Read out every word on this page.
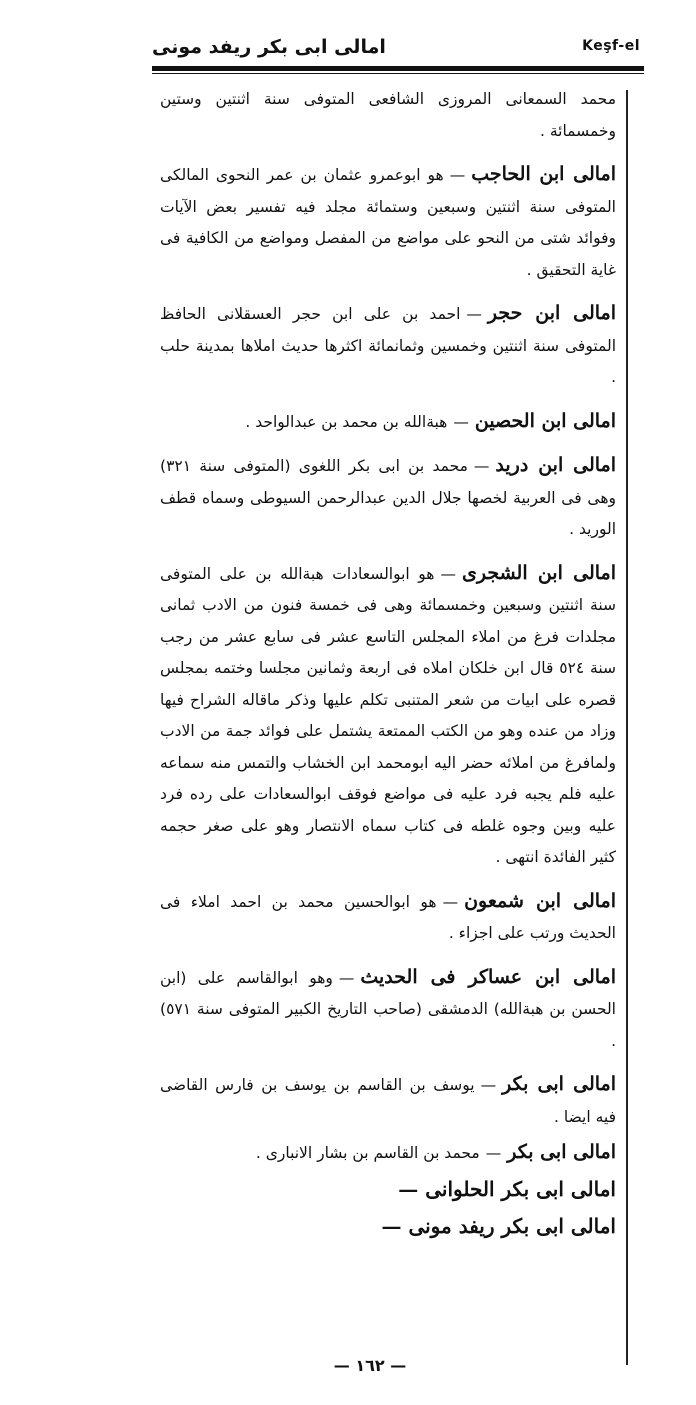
امالى ابى بكر ريفد مونى	Keşf-el

محمد السمعانى المروزى الشافعى المتوفى سنة اثنتين وستين وخمسمائة .

امالى ابن الحاجب—هو ابوعمرو عثمان بن عمر النحوى المالكى المتوفى سنة اثنتين وسبعين وستمائة مجلد فيه تفسير بعض الآيات وفوائد شتى من النحو على مواضع من المفصل ومواضع من الكافية فى غاية التحقيق .

امالى ابن حجر—احمد بن على ابن حجر العسقلانى الحافظ المتوفى سنة اثنتين وخمسين وثمانمائة اكثرها حديث املاها بمدينة حلب .

امالى ابن الحصين—هبةالله بن محمد بن عبدالواحد .

امالى ابن دريد—محمد بن ابى بكر اللغوى (المتوفى سنة ٣٢١) وهى فى العربية لخصها جلال الدين عبدالرحمن السيوطى وسماه قطف الوريد .

امالى ابن الشجرى—هو ابوالسعادات هبةالله بن على المتوفى سنة اثنتين وسبعين وخمسمائة وهى فى خمسة فنون من الادب ثمانى مجلدات فرغ من املاء المجلس التاسع عشر فى سابع عشر من رجب سنة ٥٢٤ قال ابن خلكان املاه فى اربعة وثمانين مجلسا وختمه بمجلس قصره على ابيات من شعر المتنبى تكلم عليها وذكر ماقاله الشراح فيها وزاد من عنده وهو من الكتب الممتعة يشتمل على فوائد جمة من الادب ولمافرغ من املائه حضر اليه ابومحمد ابن الخشاب والتمس منه سماعه عليه فلم يجبه فرد عليه فى مواضع فوقف ابوالسعادات على رده فرد عليه وبين وجوه غلطه فى كتاب سماه الانتصار وهو على صغر حجمه كثير الفائدة انتهى .

امالى ابن شمعون—هو ابوالحسين محمد بن احمد املاء فى الحديث ورتب على اجزاء .

امالى ابن عساكر فى الحديث—وهو ابوالقاسم على (ابن الحسن بن هبةالله) الدمشقى (صاحب التاريخ الكبير المتوفى سنة ٥٧١) .

امالى ابى بكر—يوسف بن القاسم بن يوسف بن فارس القاضى فيه ايضا .

امالى ابى بكر—محمد بن القاسم بن بشار الانبارى .

امالى ابى بكر الحلوانى —
امالى ابى بكر ريفد مونى —
— ١٦٢ —
